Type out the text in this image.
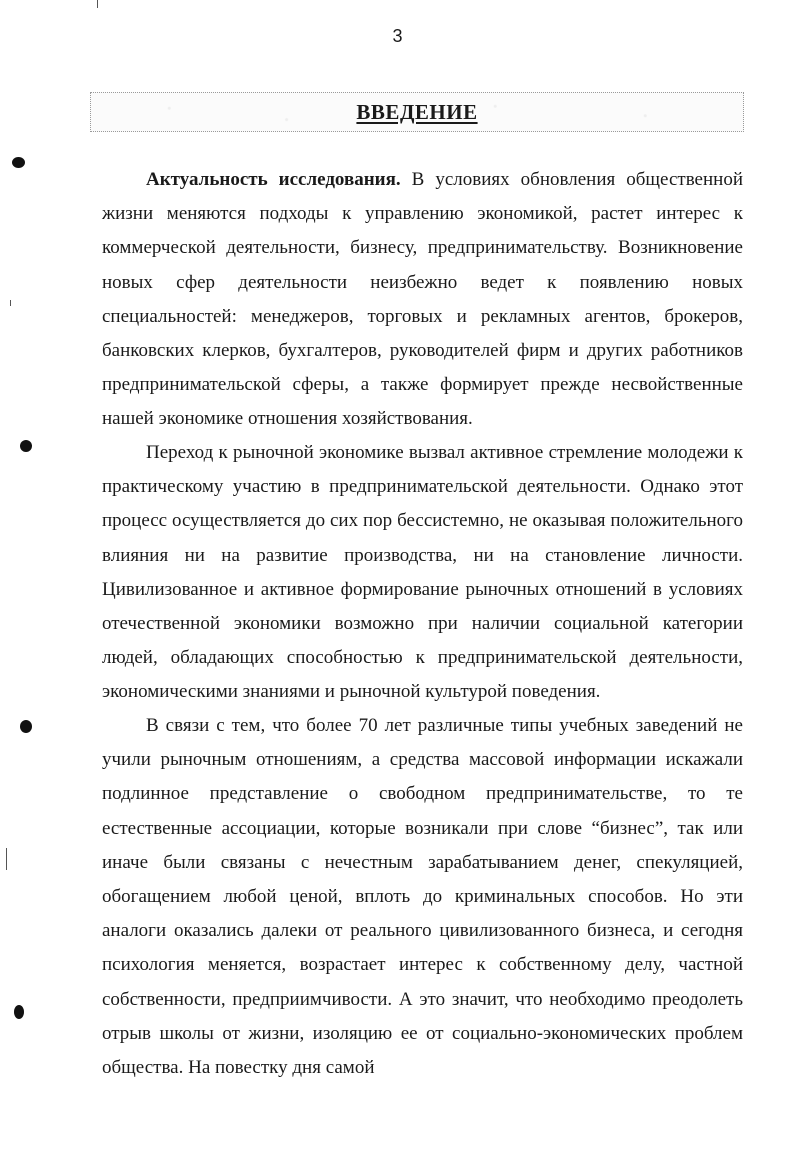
3
ВВЕДЕНИЕ

Актуальность исследования. В условиях обновления общественной жизни меняются подходы к управлению экономикой, растет интерес к коммерческой деятельности, бизнесу, предпринимательству. Возникновение новых сфер деятельности неизбежно ведет к появлению новых специальностей: менеджеров, торговых и рекламных агентов, брокеров, банковских клерков, бухгалтеров, руководителей фирм и других работников предпринимательской сферы, а также формирует прежде несвойственные нашей экономике отношения хозяйствования.

Переход к рыночной экономике вызвал активное стремление молодежи к практическому участию в предпринимательской деятельности. Однако этот процесс осуществляется до сих пор бессистемно, не оказывая положительного влияния ни на развитие производства, ни на становление личности. Цивилизованное и активное формирование рыночных отношений в условиях отечественной экономики возможно при наличии социальной категории людей, обладающих способностью к предпринимательской деятельности, экономическими знаниями и рыночной культурой поведения.

В связи с тем, что более 70 лет различные типы учебных заведений не учили рыночным отношениям, а средства массовой информации искажали подлинное представление о свободном предпринимательстве, то те естественные ассоциации, которые возникали при слове “бизнес”, так или иначе были связаны с нечестным зарабатыванием денег, спекуляцией, обогащением любой ценой, вплоть до криминальных способов. Но эти аналоги оказались далеки от реального цивилизованного бизнеса, и сегодня психология меняется, возрастает интерес к собственному делу, частной собственности, предприимчивости. А это значит, что необходимо преодолеть отрыв школы от жизни, изоляцию ее от социально-экономических проблем общества. На повестку дня самой
